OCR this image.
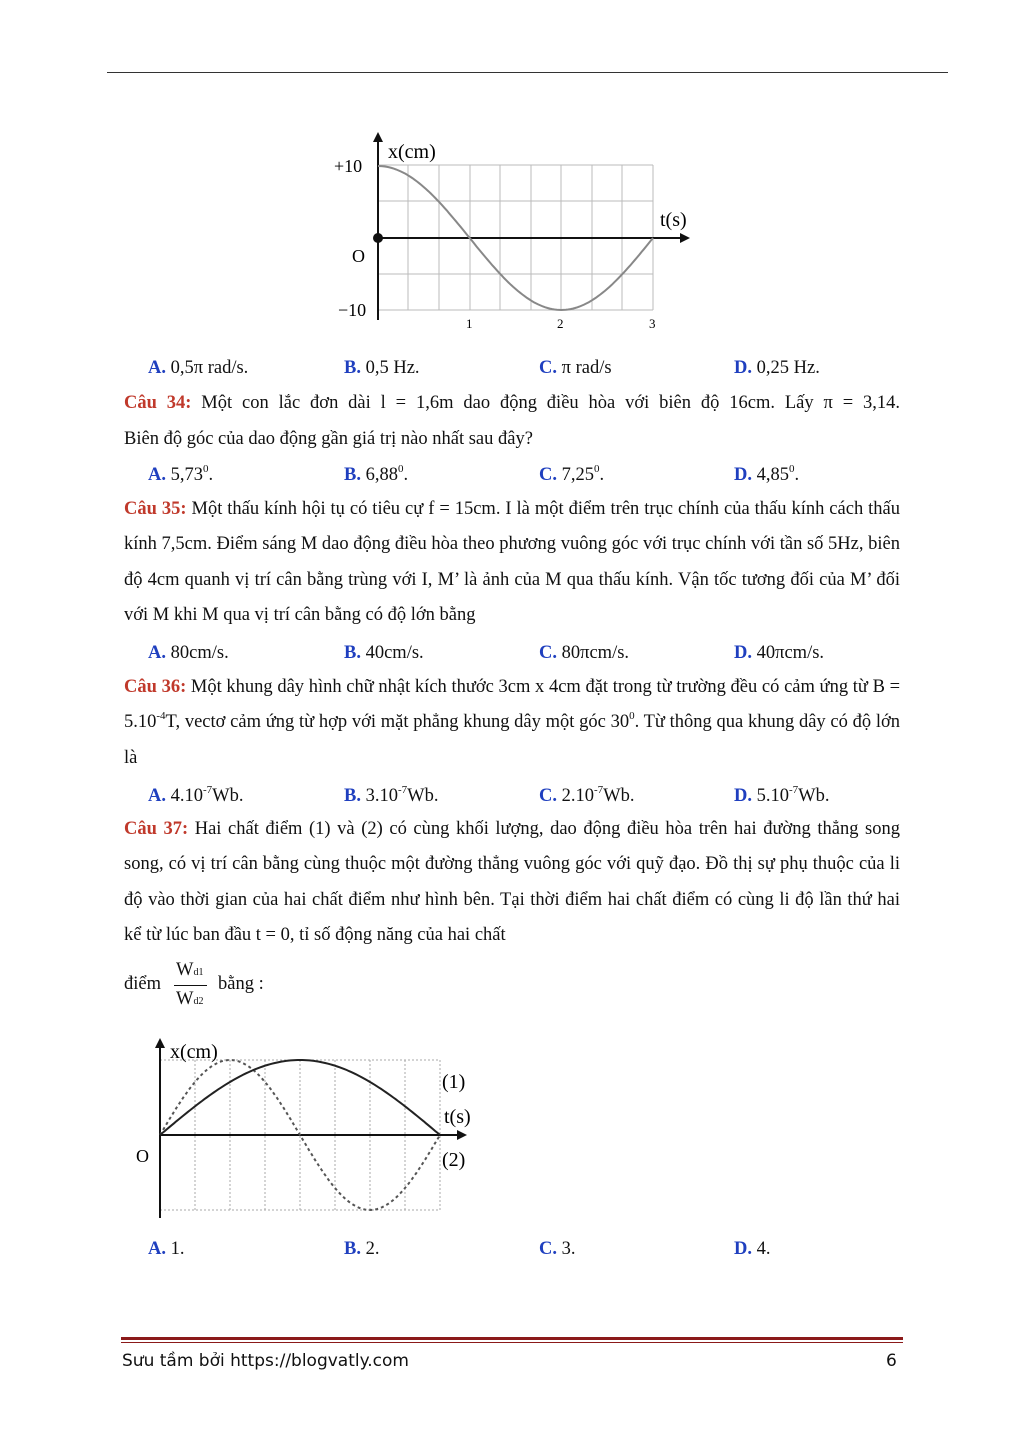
x(cm)
+10
−10
O
t(s)
1	2	3
A. 0,5π rad/s.	B. 0,5 Hz.	C. π rad/s	D. 0,25 Hz.
Câu 34: Một con lắc đơn dài l = 1,6m dao động điều hòa với biên độ 16cm. Lấy π = 3,14.
Biên độ góc của dao động gần giá trị nào nhất sau đây?
A. 5,73$^0$.	B. 6,88$^0$.	C. 7,25$^0$.	D. 4,85$^0$.
Câu 35: Một thấu kính hội tụ có tiêu cự f = 15cm. I là một điểm trên trục chính của thấu kính cách thấu kính 7,5cm. Điểm sáng M dao động điều hòa theo phương vuông góc với trục chính với tần số 5Hz, biên độ 4cm quanh vị trí cân bằng trùng với I, M’ là ảnh của M qua thấu kính. Vận tốc tương đối của M’ đối với M khi M qua vị trí cân bằng có độ lớn bằng
A. 80cm/s.	B. 40cm/s.	C. 80πcm/s.	D. 40πcm/s.
Câu 36: Một khung dây hình chữ nhật kích thước 3cm x 4cm đặt trong từ trường đều có cảm ứng từ $B = 5.10^{-4}T$, vectơ cảm ứng từ hợp với mặt phẳng khung dây một góc $30^0$. Từ thông qua khung dây có độ lớn là
A. $4.10^{-7}Wb$.	B. $3.10^{-7}Wb$.	C. $2.10^{-7}Wb$.	D. $5.10^{-7}Wb$.
Câu 37: Hai chất điểm (1) và (2) có cùng khối lượng, dao động điều hòa trên hai đường thẳng song song, có vị trí cân bằng cùng thuộc một đường thẳng vuông góc với quỹ đạo. Đồ thị sự phụ thuộc của li độ vào thời gian của hai chất điểm như hình bên. Tại thời điểm hai chất điểm có cùng li độ lần thứ hai kể từ lúc ban đầu t = 0, tỉ số động năng của hai chất
điểm
Wd1
Wd2
bằng :
x(cm)
O
(1)
t(s)
(2)
A. 1.	B. 2.	C. 3.	D. 4.
Sưu tầm bởi https://blogvatly.com	6
